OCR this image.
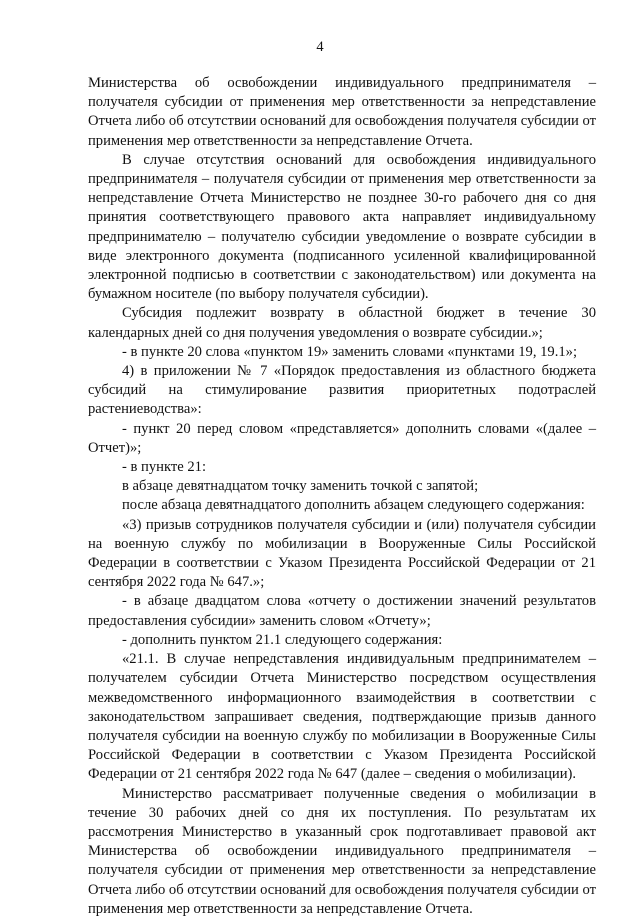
4

Министерства об освобождении индивидуального предпринимателя – получателя субсидии от применения мер ответственности за непредставление Отчета либо об отсутствии оснований для освобождения получателя субсидии от применения мер ответственности за непредставление Отчета.

В случае отсутствия оснований для освобождения индивидуального предпринимателя – получателя субсидии от применения мер ответственности за непредставление Отчета Министерство не позднее 30-го рабочего дня со дня принятия соответствующего правового акта направляет индивидуальному предпринимателю – получателю субсидии уведомление о возврате субсидии в виде электронного документа (подписанного усиленной квалифицированной электронной подписью в соответствии с законодательством) или документа на бумажном носителе (по выбору получателя субсидии).

Субсидия подлежит возврату в областной бюджет в течение 30 календарных дней со дня получения уведомления о возврате субсидии.»;

- в пункте 20 слова «пунктом 19» заменить словами «пунктами 19, 19.1»;

4) в приложении № 7 «Порядок предоставления из областного бюджета субсидий на стимулирование развития приоритетных подотраслей растениеводства»:

- пункт 20 перед словом «представляется» дополнить словами «(далее – Отчет)»;

- в пункте 21:

в абзаце девятнадцатом точку заменить точкой с запятой;

после абзаца девятнадцатого дополнить абзацем следующего содержания:

«3) призыв сотрудников получателя субсидии и (или) получателя субсидии на военную службу по мобилизации в Вооруженные Силы Российской Федерации в соответствии с Указом Президента Российской Федерации от 21 сентября 2022 года № 647.»;

- в абзаце двадцатом слова «отчету о достижении значений результатов предоставления субсидии» заменить словом «Отчету»;

- дополнить пунктом 21.1 следующего содержания:

«21.1. В случае непредставления индивидуальным предпринимателем – получателем субсидии Отчета Министерство посредством осуществления межведомственного информационного взаимодействия в соответствии с законодательством запрашивает сведения, подтверждающие призыв данного получателя субсидии на военную службу по мобилизации в Вооруженные Силы Российской Федерации в соответствии с Указом Президента Российской Федерации от 21 сентября 2022 года № 647 (далее – сведения о мобилизации).

Министерство рассматривает полученные сведения о мобилизации в течение 30 рабочих дней со дня их поступления. По результатам их рассмотрения Министерство в указанный срок подготавливает правовой акт Министерства об освобождении индивидуального предпринимателя – получателя субсидии от применения мер ответственности за непредставление Отчета либо об отсутствии оснований для освобождения получателя субсидии от применения мер ответственности за непредставление Отчета.
